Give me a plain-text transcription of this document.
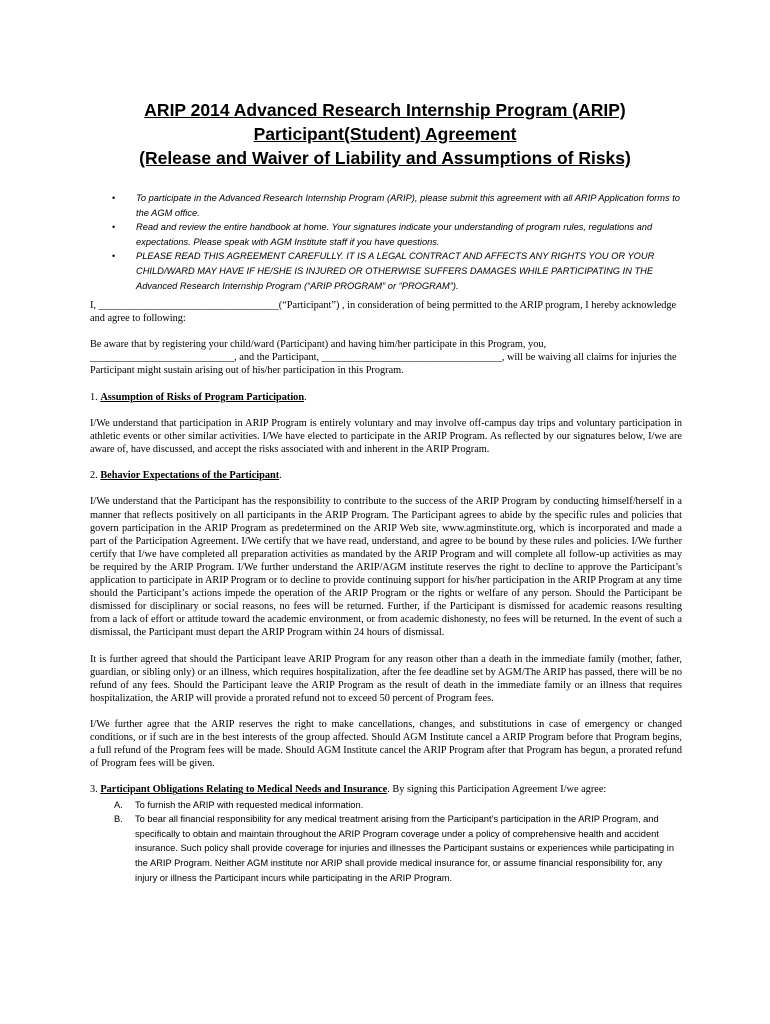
ARIP 2014 Advanced Research Internship Program (ARIP)
Participant(Student) Agreement
(Release and Waiver of Liability and Assumptions of Risks)
• To participate in the Advanced Research Internship Program (ARIP), please submit this agreement with all ARIP Application forms to the AGM office.
• Read and review the entire handbook at home. Your signatures indicate your understanding of program rules, regulations and expectations. Please speak with AGM Institute staff if you have questions.
• PLEASE READ THIS AGREEMENT CAREFULLY. IT IS A LEGAL CONTRACT AND AFFECTS ANY RIGHTS YOU OR YOUR CHILD/WARD MAY HAVE IF HE/SHE IS INJURED OR OTHERWISE SUFFERS DAMAGES WHILE PARTICIPATING IN THE Advanced Research Internship Program (“ARIP PROGRAM” or “PROGRAM”).

I, ___________________________________(“Participant”) , in consideration of being permitted to the ARIP program, I hereby acknowledge and agree to following:

Be aware that by registering your child/ward (Participant) and having him/her participate in this Program, you, ____________________________, and the Participant, ___________________________________, will be waiving all claims for injuries the Participant might sustain arising out of his/her participation in this Program.

1. Assumption of Risks of Program Participation.

I/We understand that participation in ARIP Program is entirely voluntary and may involve off-campus day trips and voluntary participation in athletic events or other similar activities. I/We have elected to participate in the ARIP Program. As reflected by our signatures below, I/we are aware of, have discussed, and accept the risks associated with and inherent in the ARIP Program.

2. Behavior Expectations of the Participant.

I/We understand that the Participant has the responsibility to contribute to the success of the ARIP Program by conducting himself/herself in a manner that reflects positively on all participants in the ARIP Program. The Participant agrees to abide by the specific rules and policies that govern participation in the ARIP Program as predetermined on the ARIP Web site, www.agminstitute.org, which is incorporated and made a part of the Participation Agreement. I/We certify that we have read, understand, and agree to be bound by these rules and policies. I/We further certify that I/we have completed all preparation activities as mandated by the ARIP Program and will complete all follow-up activities as may be required by the ARIP Program. I/We further understand the ARIP/AGM institute reserves the right to decline to approve the Participant’s application to participate in ARIP Program or to decline to provide continuing support for his/her participation in the ARIP Program at any time should the Participant’s actions impede the operation of the ARIP Program or the rights or welfare of any person. Should the Participant be dismissed for disciplinary or social reasons, no fees will be returned. Further, if the Participant is dismissed for academic reasons resulting from a lack of effort or attitude toward the academic environment, or from academic dishonesty, no fees will be returned. In the event of such a dismissal, the Participant must depart the ARIP Program within 24 hours of dismissal.

It is further agreed that should the Participant leave ARIP Program for any reason other than a death in the immediate family (mother, father, guardian, or sibling only) or an illness, which requires hospitalization, after the fee deadline set by AGM/The ARIP has passed, there will be no refund of any fees. Should the Participant leave the ARIP Program as the result of death in the immediate family or an illness that requires hospitalization, the ARIP will provide a prorated refund not to exceed 50 percent of Program fees.

I/We further agree that the ARIP reserves the right to make cancellations, changes, and substitutions in case of emergency or changed conditions, or if such are in the best interests of the group affected. Should AGM Institute cancel a ARIP Program before that Program begins, a full refund of the Program fees will be made. Should AGM Institute cancel the ARIP Program after that Program has begun, a prorated refund of Program fees will be given.

3. Participant Obligations Relating to Medical Needs and Insurance. By signing this Participation Agreement I/we agree:

A. To furnish the ARIP with requested medical information.
B. To bear all financial responsibility for any medical treatment arising from the Participant’s participation in the ARIP Program, and specifically to obtain and maintain throughout the ARIP Program coverage under a policy of comprehensive health and accident insurance. Such policy shall provide coverage for injuries and illnesses the Participant sustains or experiences while participating in the ARIP Program. Neither AGM institute nor ARIP shall provide medical insurance for, or assume financial responsibility for, any injury or illness the Participant incurs while participating in the ARIP Program.
